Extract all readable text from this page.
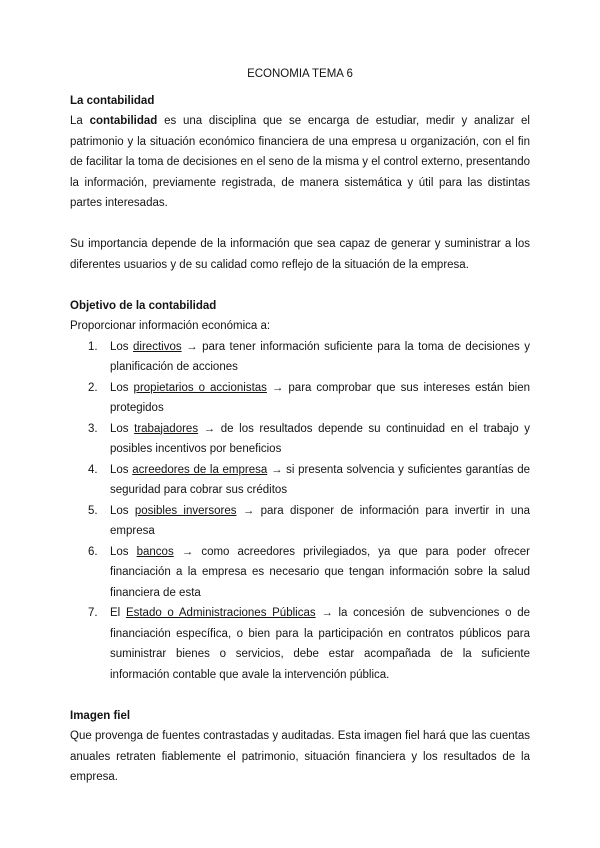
ECONOMIA TEMA 6
La contabilidad

La contabilidad es una disciplina que se encarga de estudiar, medir y analizar el patrimonio y la situación económico financiera de una empresa u organización, con el fin de facilitar la toma de decisiones en el seno de la misma y el control externo, presentando la información, previamente registrada, de manera sistemática y útil para las distintas partes interesadas.

Su importancia depende de la información que sea capaz de generar y suministrar a los diferentes usuarios y de su calidad como reflejo de la situación de la empresa.

Objetivo de la contabilidad

Proporcionar información económica a:

1.	Los directivos → para tener información suficiente para la toma de decisiones y planificación de acciones
2.	Los propietarios o accionistas → para comprobar que sus intereses están bien protegidos
3.	Los trabajadores → de los resultados depende su continuidad en el trabajo y posibles incentivos por beneficios
4.	Los acreedores de la empresa → si presenta solvencia y suficientes garantías de seguridad para cobrar sus créditos
5.	Los posibles inversores → para disponer de información para invertir in una empresa
6.	Los bancos → como acreedores privilegiados, ya que para poder ofrecer financiación a la empresa es necesario que tengan información sobre la salud financiera de esta
7.	El Estado o Administraciones Públicas → la concesión de subvenciones o de financiación específica, o bien para la participación en contratos públicos para suministrar bienes o servicios, debe estar acompañada de la suficiente información contable que avale la intervención pública.
Imagen fiel

Que provenga de fuentes contrastadas y auditadas. Esta imagen fiel hará que las cuentas anuales retraten fiablemente el patrimonio, situación financiera y los resultados de la empresa.
